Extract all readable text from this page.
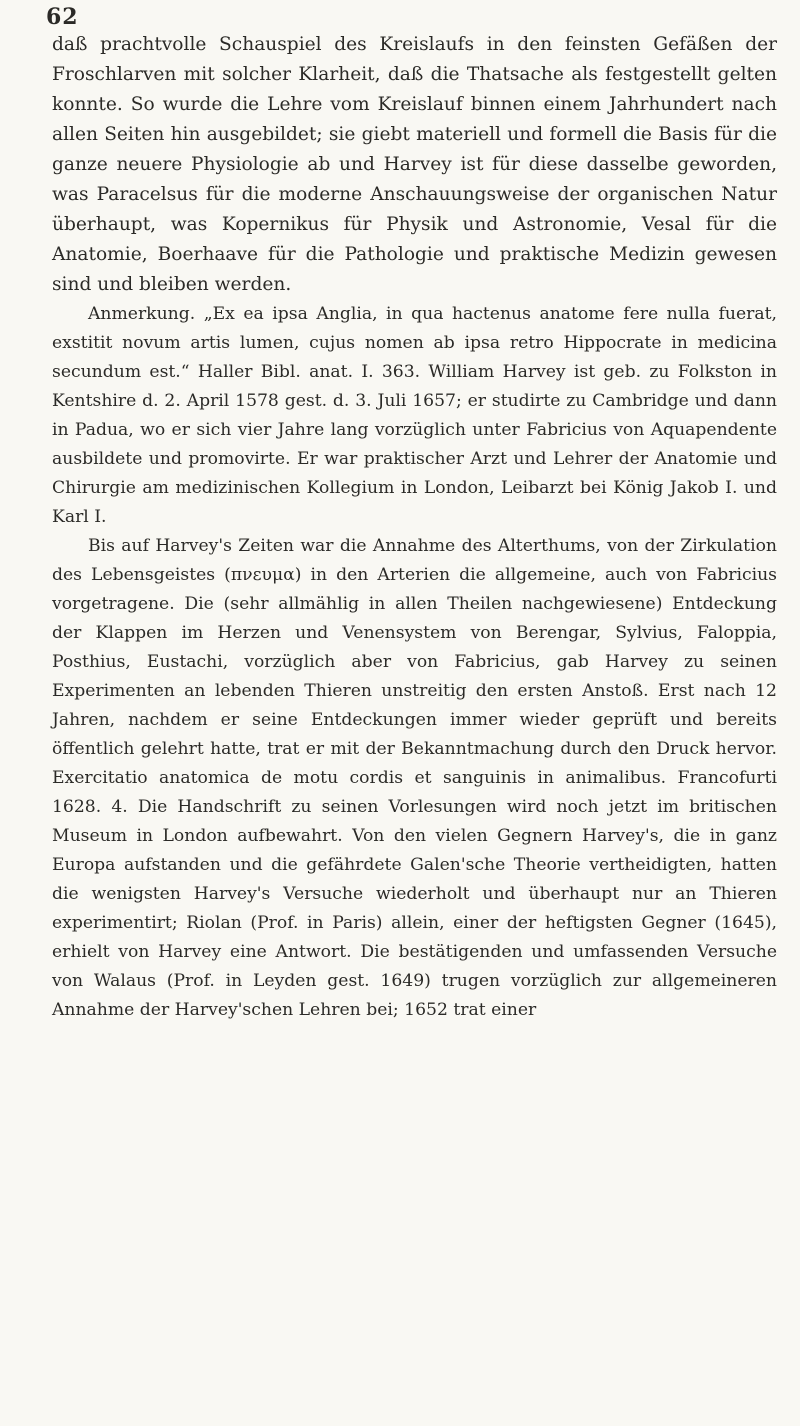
62

daß prachtvolle Schauspiel des Kreislaufs in den feinsten Gefäßen der Froschlarven mit solcher Klarheit, daß die Thatsache als festgestellt gelten konnte. So wurde die Lehre vom Kreislauf binnen einem Jahrhundert nach allen Seiten hin ausgebildet; sie giebt materiell und formell die Basis für die ganze neuere Physiologie ab und Harvey ist für diese dasselbe geworden, was Paracelsus für die moderne Anschauungsweise der organischen Natur überhaupt, was Kopernikus für Physik und Astronomie, Vesal für die Anatomie, Boerhaave für die Pathologie und praktische Medizin gewesen sind und bleiben werden.

Anmerkung. „Ex ea ipsa Anglia, in qua hactenus anatome fere nulla fuerat, exstitit novum artis lumen, cujus nomen ab ipsa retro Hippocrate in medicina secundum est.“ Haller Bibl. anat. I. 363. William Harvey ist geb. zu Folkston in Kentshire d. 2. April 1578 gest. d. 3. Juli 1657; er studirte zu Cambridge und dann in Padua, wo er sich vier Jahre lang vorzüglich unter Fabricius von Aquapendente ausbildete und promovirte. Er war praktischer Arzt und Lehrer der Anatomie und Chirurgie am medizinischen Kollegium in London, Leibarzt bei König Jakob I. und Karl I.

Bis auf Harvey's Zeiten war die Annahme des Alterthums, von der Zirkulation des Lebensgeistes (πνευμα) in den Arterien die allgemeine, auch von Fabricius vorgetragene. Die (sehr allmählig in allen Theilen nachgewiesene) Entdeckung der Klappen im Herzen und Venensystem von Berengar, Sylvius, Faloppia, Posthius, Eustachi, vorzüglich aber von Fabricius, gab Harvey zu seinen Experimenten an lebenden Thieren unstreitig den ersten Anstoß. Erst nach 12 Jahren, nachdem er seine Entdeckungen immer wieder geprüft und bereits öffentlich gelehrt hatte, trat er mit der Bekanntmachung durch den Druck hervor. Exercitatio anatomica de motu cordis et sanguinis in animalibus. Francofurti 1628. 4. Die Handschrift zu seinen Vorlesungen wird noch jetzt im britischen Museum in London aufbewahrt. Von den vielen Gegnern Harvey's, die in ganz Europa aufstanden und die gefährdete Galen'sche Theorie vertheidigten, hatten die wenigsten Harvey's Versuche wiederholt und überhaupt nur an Thieren experimentirt; Riolan (Prof. in Paris) allein, einer der heftigsten Gegner (1645), erhielt von Harvey eine Antwort. Die bestätigenden und umfassenden Versuche von Walaus (Prof. in Leyden gest. 1649) trugen vorzüglich zur allgemeineren Annahme der Harvey'schen Lehren bei; 1652 trat einer
